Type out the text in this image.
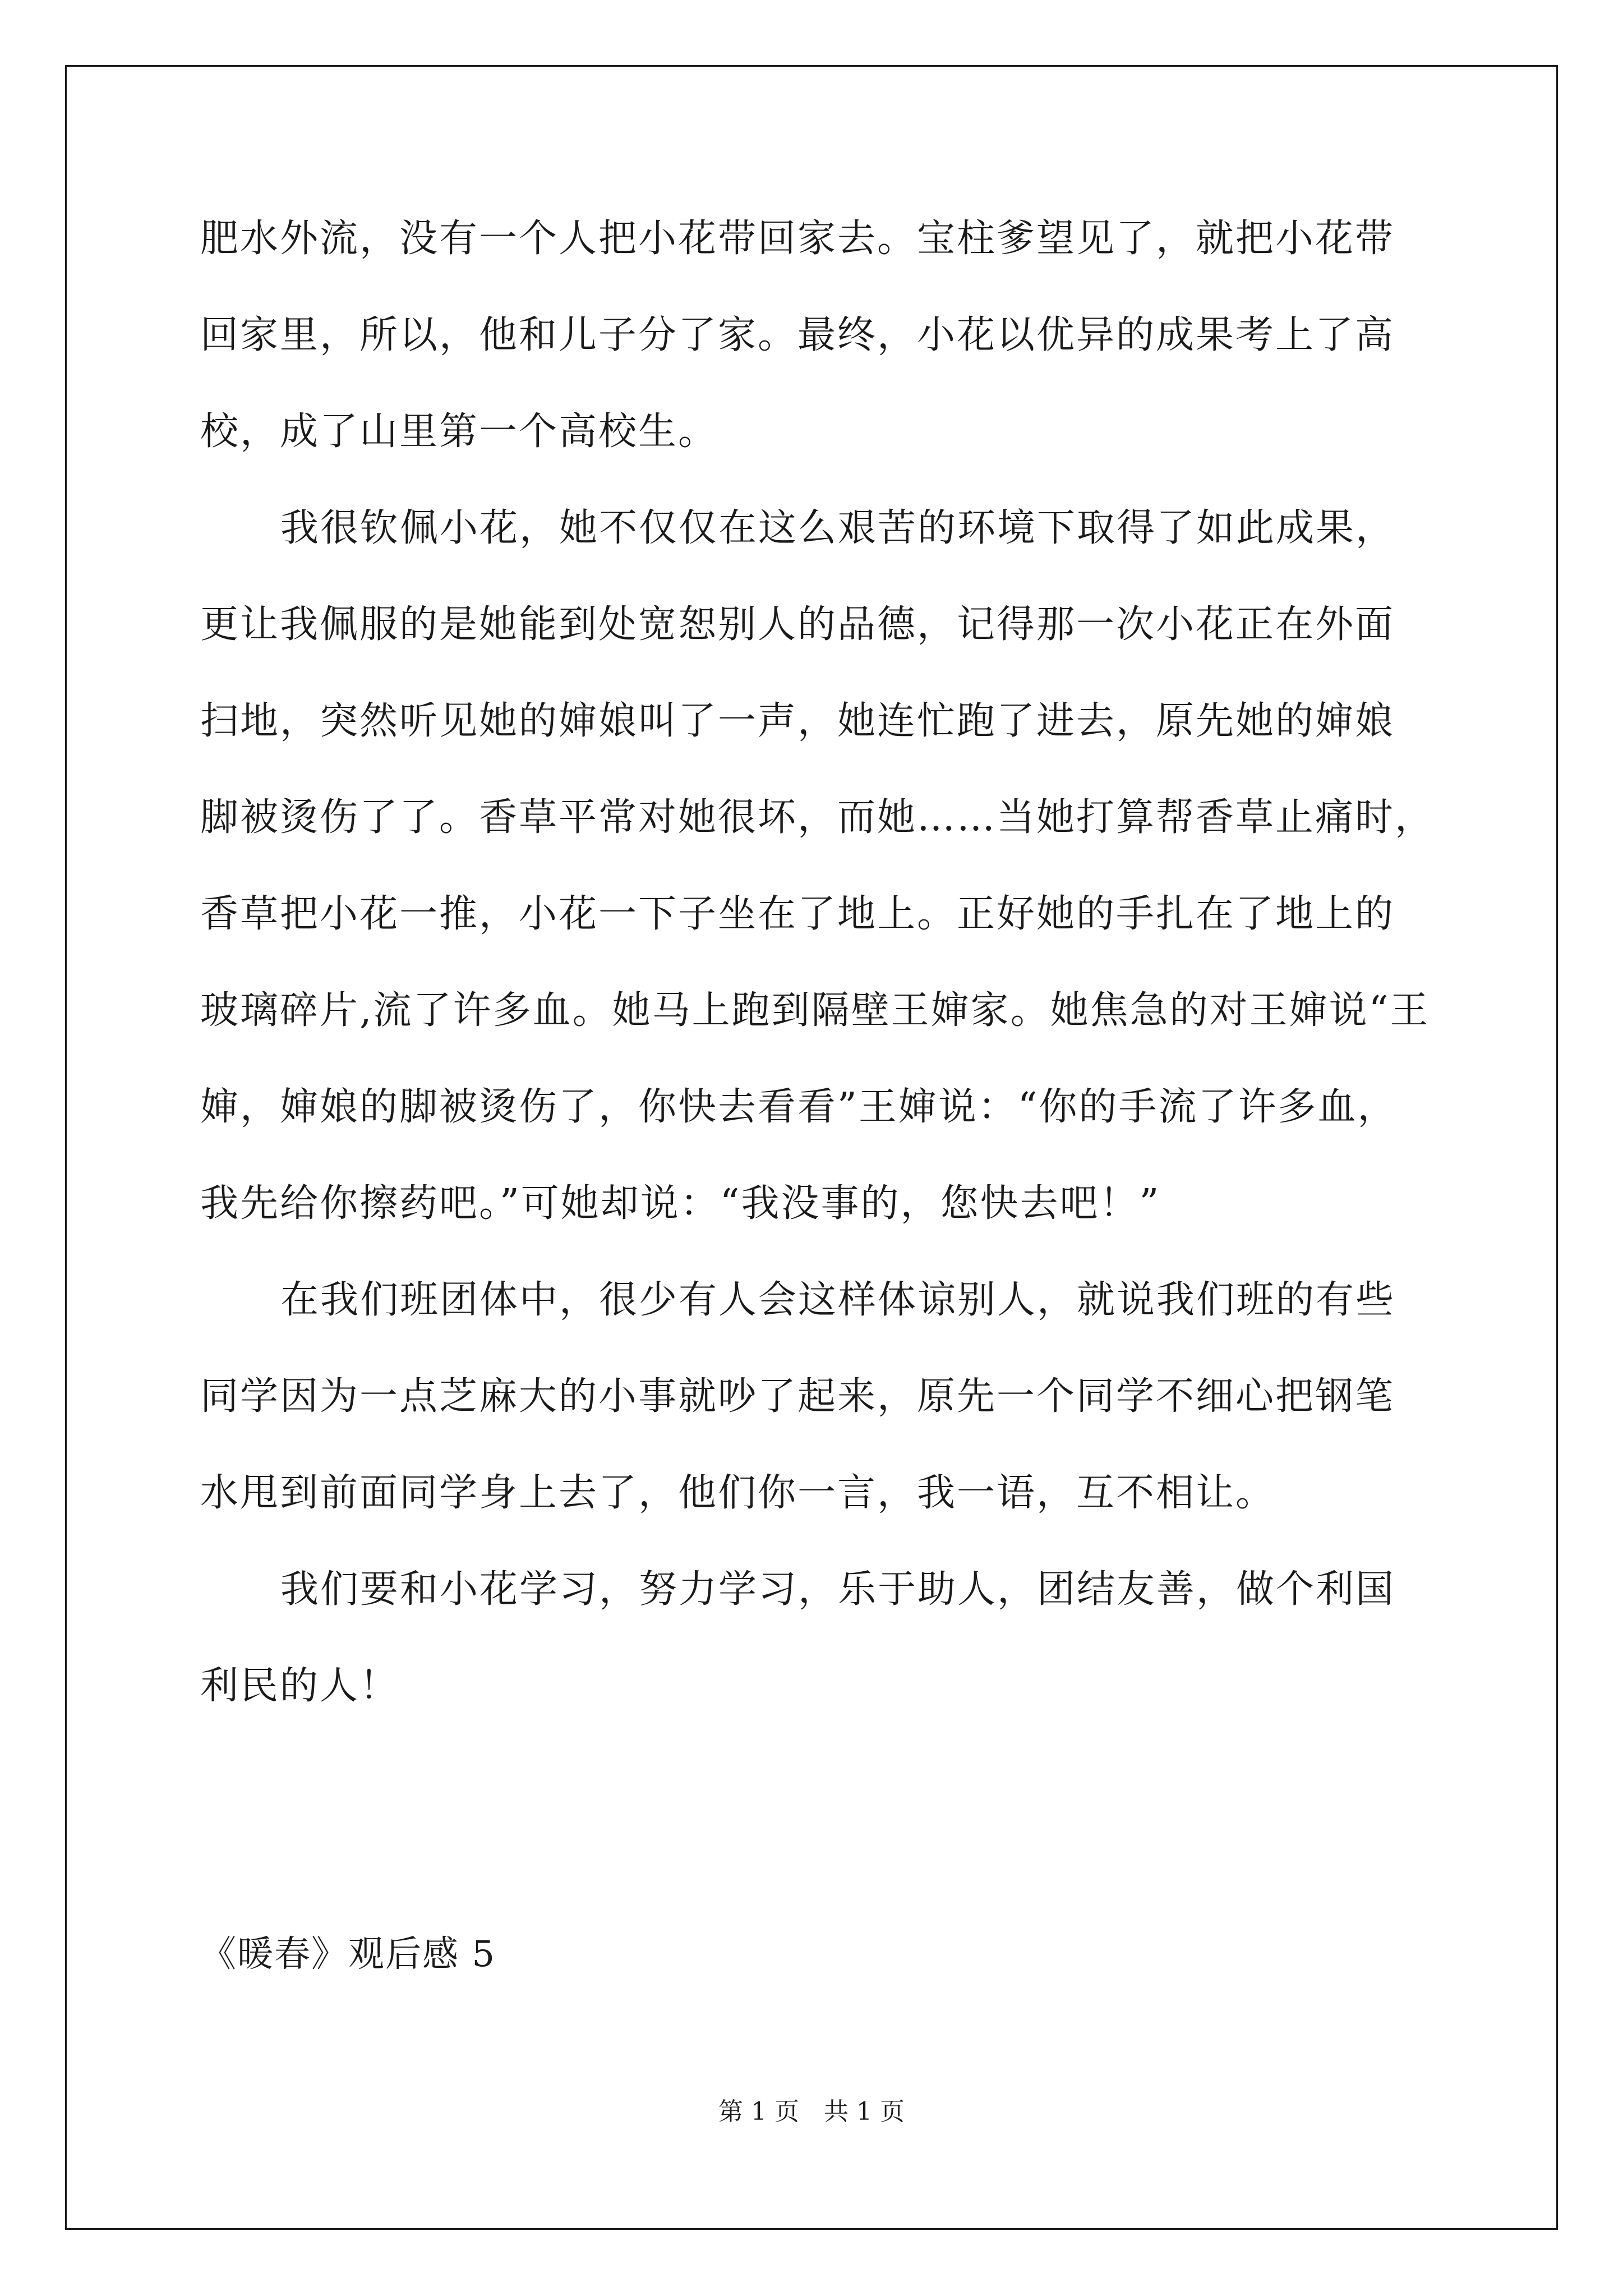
肥水外流，没有一个人把小花带回家去。宝柱爹望见了，就把小花带

回家里，所以，他和儿子分了家。最终，小花以优异的成果考上了高

校，成了山里第一个高校生。

我很钦佩小花，她不仅仅在这么艰苦的环境下取得了如此成果，

更让我佩服的是她能到处宽恕别人的品德，记得那一次小花正在外面

扫地，突然听见她的婶娘叫了一声，她连忙跑了进去，原先她的婶娘

脚被烫伤了了。香草平常对她很坏，而她……当她打算帮香草止痛时，

香草把小花一推，小花一下子坐在了地上。正好她的手扎在了地上的

玻璃碎片,流了许多血。她马上跑到隔壁王婶家。她焦急的对王婶说“王

婶，婶娘的脚被烫伤了，你快去看看”王婶说：“你的手流了许多血，

我先给你擦药吧。”可她却说：“我没事的，您快去吧！”

在我们班团体中，很少有人会这样体谅别人，就说我们班的有些

同学因为一点芝麻大的小事就吵了起来，原先一个同学不细心把钢笔

水甩到前面同学身上去了，他们你一言，我一语，互不相让。

我们要和小花学习，努力学习，乐于助人，团结友善，做个利国

利民的人！

《暖春》观后感 5

第 1 页　共 1 页
